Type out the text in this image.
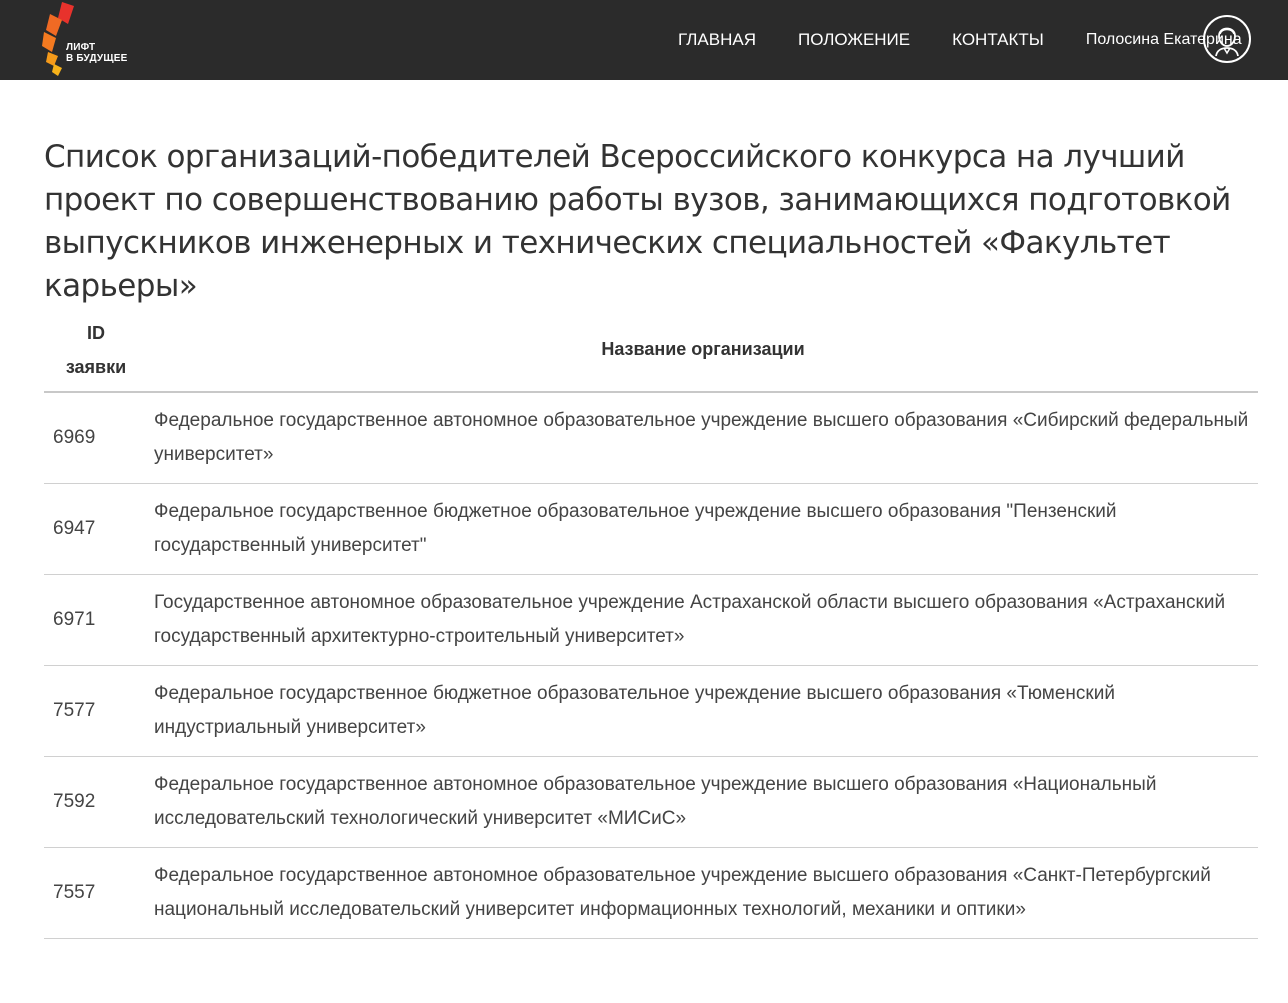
ЛИФТ
В БУДУЩЕЕ
ГЛАВНАЯ ПОЛОЖЕНИЕ КОНТАКТЫ	Полосина Екатерина
Список организаций-победителей Всероссийского конкурса на лучший проект по совершенствованию работы вузов, занимающихся подготовкой выпускников инженерных и технических специальностей «Факультет карьеры»
ID
заявки	Название организации
6969	Федеральное государственное автономное образовательное учреждение высшего образования «Сибирский федеральный университет»
6947	Федеральное государственное бюджетное образовательное учреждение высшего образования "Пензенский государственный университет"
6971	Государственное автономное образовательное учреждение Астраханской области высшего образования «Астраханский государственный архитектурно-строительный университет»
7577	Федеральное государственное бюджетное образовательное учреждение высшего образования «Тюменский индустриальный университет»
7592	Федеральное государственное автономное образовательное учреждение высшего образования «Национальный исследовательский технологический университет «МИСиС»
7557	Федеральное государственное автономное образовательное учреждение высшего образования «Санкт-Петербургский национальный исследовательский университет информационных технологий, механики и оптики»
